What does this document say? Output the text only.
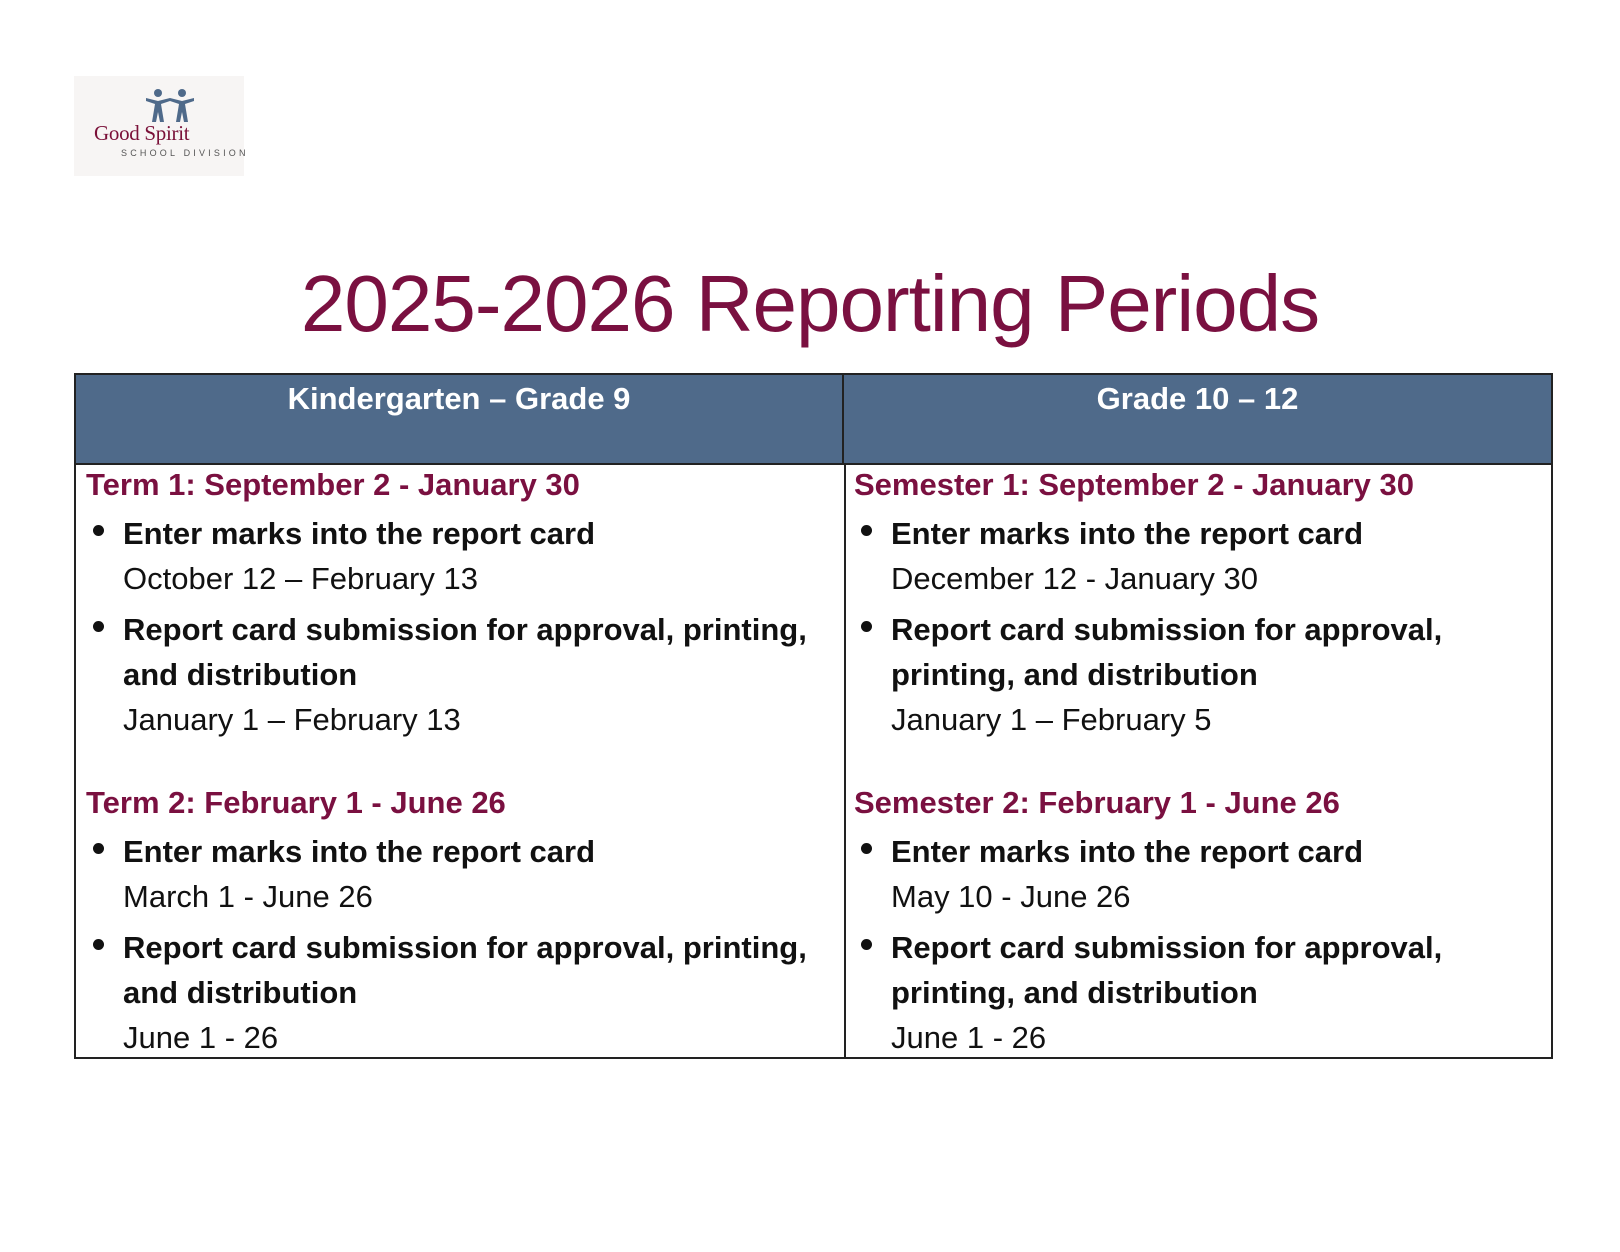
Good Spirit
SCHOOL DIVISION
2025-2026 Reporting Periods
Kindergarten – Grade 9	Grade 10 – 12
Term 1: September 2 - January 30
Enter marks into the report card
October 12 – February 13
Report card submission for approval, printing, and distribution
January 1 – February 13
Term 2: February 1 - June 26
Enter marks into the report card
March 1 - June 26
Report card submission for approval, printing, and distribution
June 1 - 26
Semester 1: September 2 - January 30
Enter marks into the report card
December 12 - January 30
Report card submission for approval, printing, and distribution
January 1 – February 5
Semester 2: February 1 - June 26
Enter marks into the report card
May 10 - June 26
Report card submission for approval, printing, and distribution
June 1 - 26
